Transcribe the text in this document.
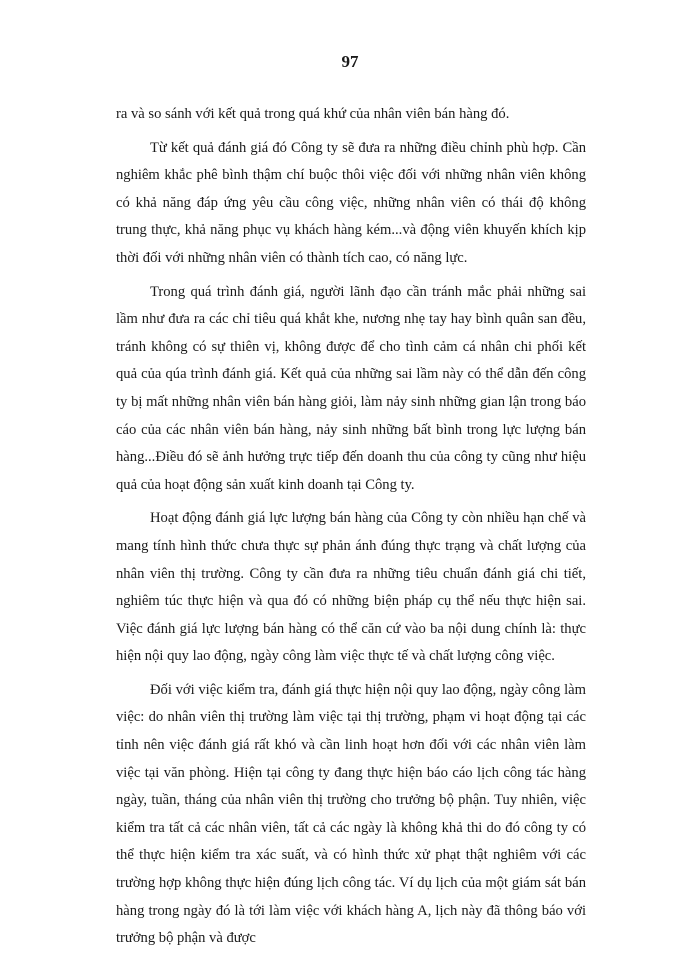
97

ra và so sánh với kết quả trong quá khứ của nhân viên bán hàng đó.

Từ kết quả đánh giá đó Công ty sẽ đưa ra những điều chỉnh phù hợp. Cần nghiêm khắc phê bình thậm chí buộc thôi việc đối với những nhân viên không có khả năng đáp ứng yêu cầu công việc, những nhân viên có thái độ không trung thực, khả năng phục vụ khách hàng kém...và động viên khuyến khích kịp thời đối với những nhân viên có thành tích cao, có năng lực.

Trong quá trình đánh giá, người lãnh đạo cần tránh mắc phải những sai lầm như đưa ra các chỉ tiêu quá khắt khe, nương nhẹ tay hay bình quân san đều, tránh không có sự thiên vị, không được để cho tình cảm cá nhân chi phối kết quả của qúa trình đánh giá. Kết quả của những sai lầm này có thể dẫn đến công ty bị mất những nhân viên bán hàng giỏi, làm nảy sinh những gian lận trong báo cáo của các nhân viên bán hàng, nảy sinh những bất bình trong lực lượng bán hàng...Điều đó sẽ ảnh hưởng trực tiếp đến doanh thu của công ty cũng như hiệu quả của hoạt động sản xuất kinh doanh tại Công ty.

Hoạt động đánh giá lực lượng bán hàng của Công ty còn nhiều hạn chế và mang tính hình thức chưa thực sự phản ánh đúng thực trạng và chất lượng của nhân viên thị trường. Công ty cần đưa ra những tiêu chuẩn đánh giá chi tiết, nghiêm túc thực hiện và qua đó có những biện pháp cụ thể nếu thực hiện sai. Việc đánh giá lực lượng bán hàng có thể căn cứ vào ba nội dung chính là: thực hiện nội quy lao động, ngày công làm việc thực tế và chất lượng công việc.

Đối với việc kiểm tra, đánh giá thực hiện nội quy lao động, ngày công làm việc: do nhân viên thị trường làm việc tại thị trường, phạm vi hoạt động tại các tỉnh nên việc đánh giá rất khó và cần linh hoạt hơn đối với các nhân viên làm việc tại văn phòng. Hiện tại công ty đang thực hiện báo cáo lịch công tác hàng ngày, tuần, tháng của nhân viên thị trường cho trưởng bộ phận. Tuy nhiên, việc kiểm tra tất cả các nhân viên, tất cả các ngày là không khả thi do đó công ty có thể thực hiện kiểm tra xác suất, và có hình thức xử phạt thật nghiêm với các trường hợp không thực hiện đúng lịch công tác. Ví dụ lịch của một giám sát bán hàng trong ngày đó là tới làm việc với khách hàng A, lịch này đã thông báo với trưởng bộ phận và được
